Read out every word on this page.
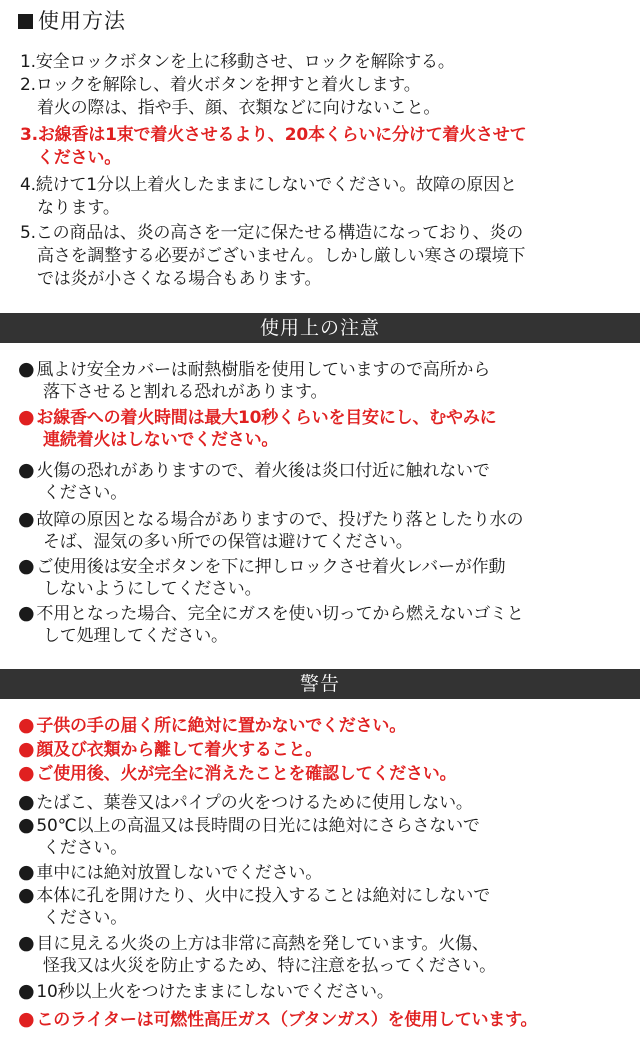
使用方法
1.安全ロックボタンを上に移動させ、ロックを解除する。
2.ロックを解除し、着火ボタンを押すと着火します。
着火の際は、指や手、顔、衣類などに向けないこと。
3.お線香は1束で着火させるより、20本くらいに分けて着火させて
ください。
4.続けて1分以上着火したままにしないでください。故障の原因と
なります。
5.この商品は、炎の高さを一定に保たせる構造になっており、炎の
高さを調整する必要がございません。しかし厳しい寒さの環境下
では炎が小さくなる場合もあります。
使用上の注意
● 風よけ安全カバーは耐熱樹脂を使用していますので高所から
落下させると割れる恐れがあります。
● お線香への着火時間は最大10秒くらいを目安にし、むやみに
連続着火はしないでください。
● 火傷の恐れがありますので、着火後は炎口付近に触れないで
ください。
● 故障の原因となる場合がありますので、投げたり落としたり水の
そば、湿気の多い所での保管は避けてください。
● ご使用後は安全ボタンを下に押しロックさせ着火レバーが作動
しないようにしてください。
● 不用となった場合、完全にガスを使い切ってから燃えないゴミと
して処理してください。
警告
● 子供の手の届く所に絶対に置かないでください。
● 顔及び衣類から離して着火すること。
● ご使用後、火が完全に消えたことを確認してください。
● たばこ、葉巻又はパイプの火をつけるために使用しない。
● 50℃以上の高温又は長時間の日光には絶対にさらさないで
ください。
● 車中には絶対放置しないでください。
● 本体に孔を開けたり、火中に投入することは絶対にしないで
ください。
● 目に見える火炎の上方は非常に高熱を発しています。火傷、
怪我又は火災を防止するため、特に注意を払ってください。
● 10秒以上火をつけたままにしないでください。
● このライターは可燃性高圧ガス（ブタンガス）を使用しています。
